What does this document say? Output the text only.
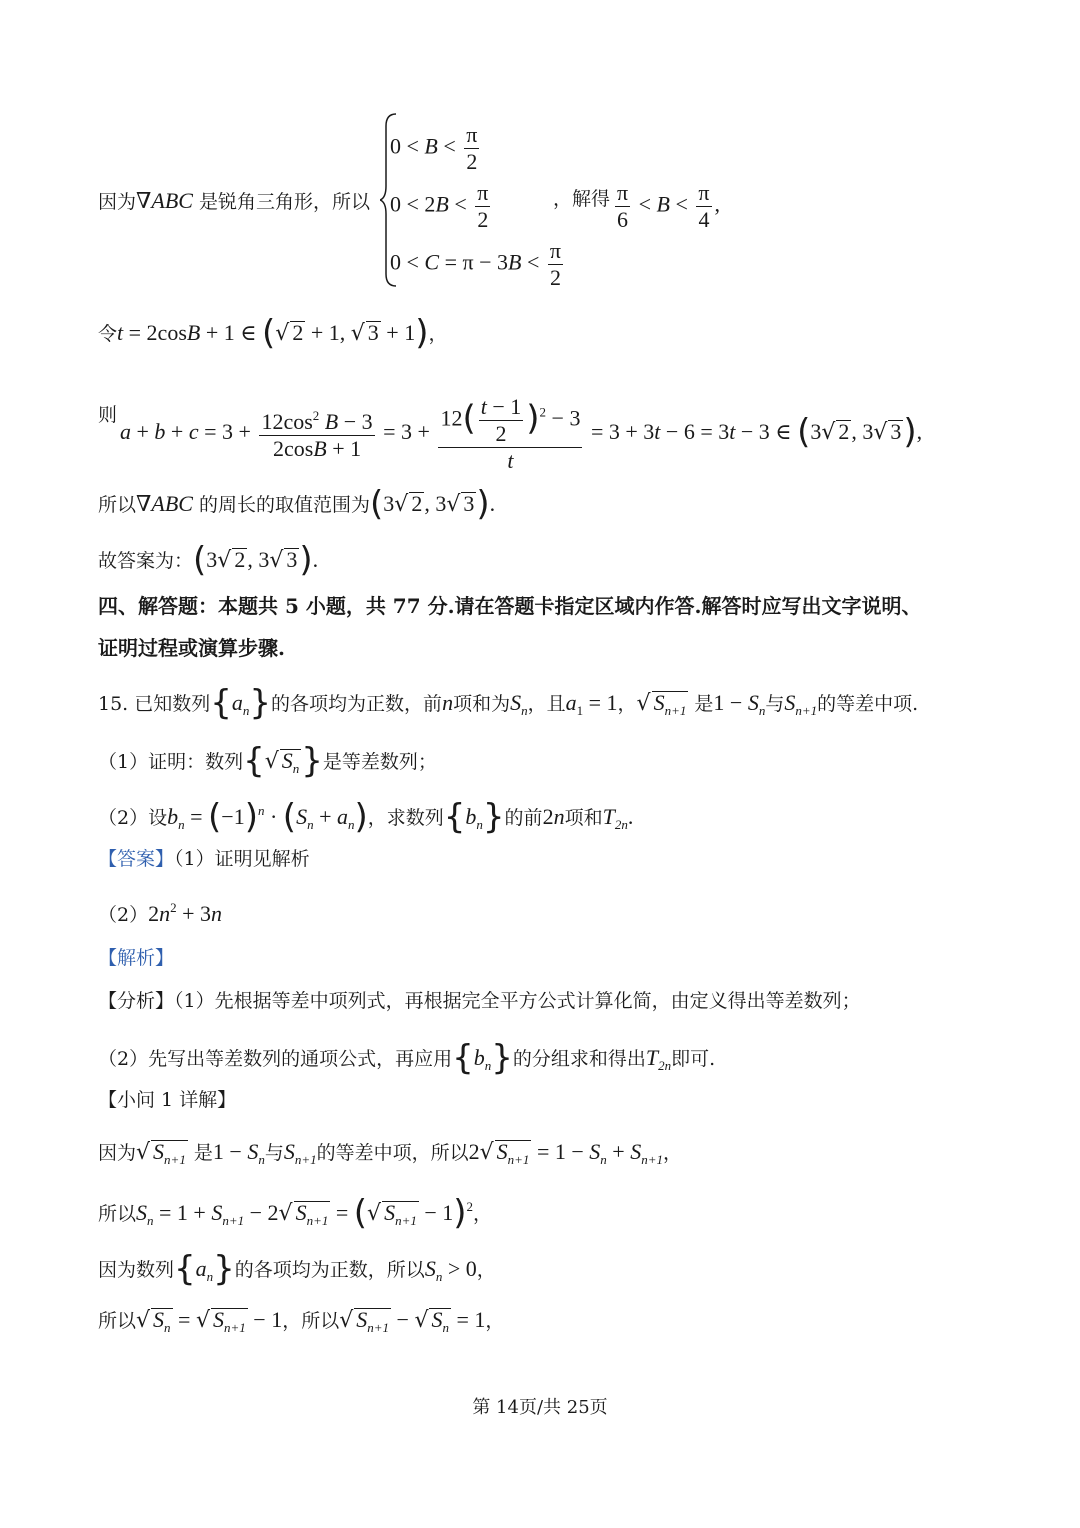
因为∇ABC 是锐角三角形，所以
$0 < B < \frac{\pi}{2}$
$0 < 2B < \frac{\pi}{2}$
$0 < C = \pi - 3B < \frac{\pi}{2}$
，解得 $\frac{\pi}{6} < B < \frac{\pi}{4}$ ,
令t = 2cosB + 1 ∈ (√ 2 + 1, √ 3 + 1)，
则
$a + b + c = 3 + \frac{12\cos^2 B - 3}{2\cos B + 1} = 3 + \frac{12( \frac{t - 1}{2} )^2 - 3}{t} = 3 + 3t - 6 = 3t - 3$ ∈ (3√ 2, 3√ 3),
所以∇ABC 的周长的取值范围为(3√ 2, 3√ 3).
故答案为：(3√ 2, 3√ 3).
四、解答题：本题共 5 小题，共 77 分.请在答题卡指定区域内作答.解答时应写出文字说明、
证明过程或演算步骤.
15. 已知数列$\{a_n\}$的各项均为正数，前n项和为$S_n$，且$a_1 = 1$，√ $S_{n+1}$ 是$1 - S_n$与$S_{n+1}$的等差中项.
（1）证明：数列{√ $S_n$}是等差数列；
（2）设$b_n = (-1)^n \cdot (S_n + a_n)$，求数列$\{b_n\}$的前2n项和$T_{2n}$.
【答案】（1）证明见解析
$(2)2n^2 + 3n$
【解析】
【分析】（1）先根据等差中项列式，再根据完全平方公式计算化简，由定义得出等差数列；
（2）先写出等差数列的通项公式，再应用$\{b_n\}$的分组求和得出$T_{2n}$即可.
【小问 1 详解】
因为√ $S_{n+1}$ 是$1 - S_n$与$S_{n+1}$的等差中项，所以2√ $S_{n+1} = 1 - S_n + S_{n+1}$，
所以$S_n = 1 + S_{n+1} - 2√$ $S_{n+1}$ = (√ $S_{n+1} - 1)^2$，
因为数列$\{a_n\}$的各项均为正数，所以$S_n > 0$，
所以√ $S_n$ = √ $S_{n+1} - 1$，所以√ $S_{n+1}$ − √ $S_n = 1$，
第 14页/共 25页
